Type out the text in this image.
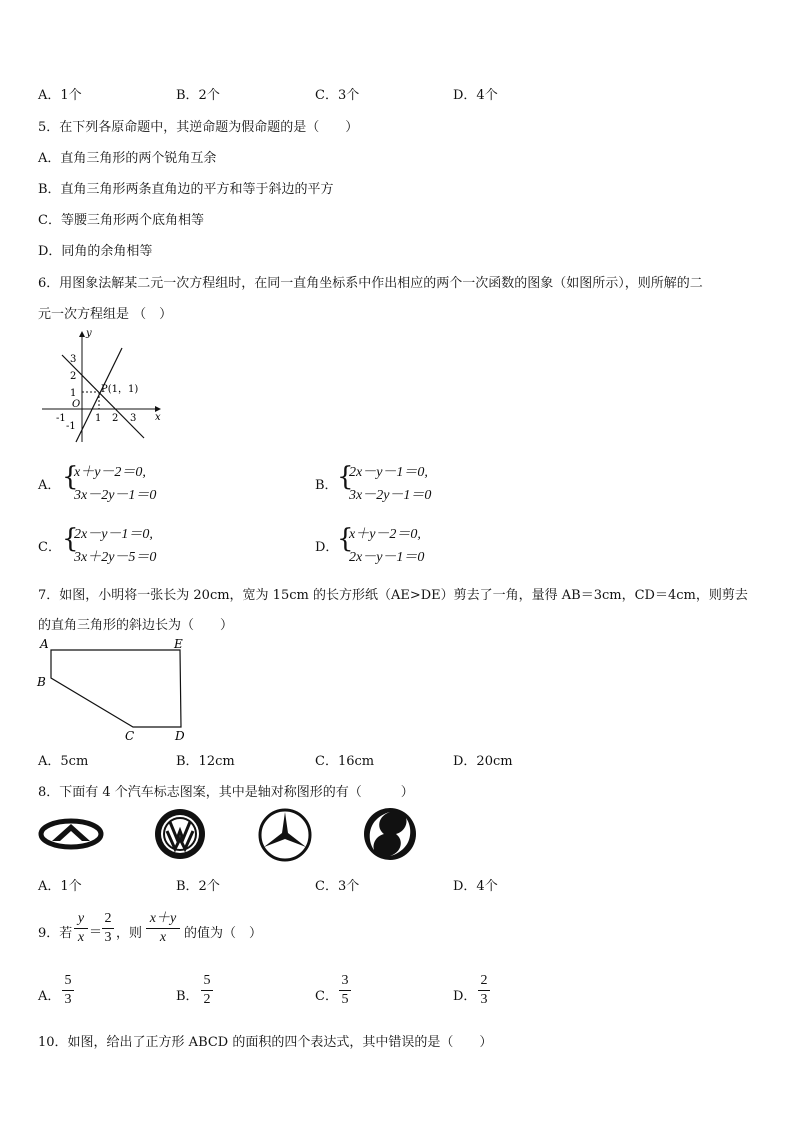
A．1个	B．2个	C．3个	D．4个
5．在下列各原命题中，其逆命题为假命题的是（　　）
A．直角三角形的两个锐角互余
B．直角三角形两条直角边的平方和等于斜边的平方
C．等腰三角形两个底角相等
D．同角的余角相等
6．用图象法解某二元一次方程组时，在同一直角坐标系中作出相应的两个一次函数的图象（如图所示），则所解的二
元一次方程组是 （　）
x
y
O
-1	1 2 3
3
2
1
-1
P(1，1)
A． {
x＋y－2＝0,
3x－2y－1＝0
B． {
2x－y－1＝0,
3x－2y－1＝0
C． {
2x－y－1＝0,
3x＋2y－5＝0
D．
{
x＋y－2＝0,
2x－y－1＝0
7．如图，小明将一张长为 20cm，宽为 15cm 的长方形纸（AE>DE）剪去了一角，量得 AB＝3cm，CD＝4cm，则剪去
的直角三角形的斜边长为（　　）
A	E
B
C	D
A．5cm	B．12cm	C．16cm	D．20cm
8．下面有 4 个汽车标志图案，其中是轴对称图形的有（　　　）
A．1个	B．2个	C．3个	D．4个
9．若 $\frac{y}{x} = \frac{2}{3}$ ，则 $\frac{x+y}{x}$ 的值为（　）
A． $\frac{5}{3}$	B． $\frac{5}{2}$	C． $\frac{3}{5}$	D． $\frac{2}{3}$
10．如图，给出了正方形 ABCD 的面积的四个表达式，其中错误的是（　　）
